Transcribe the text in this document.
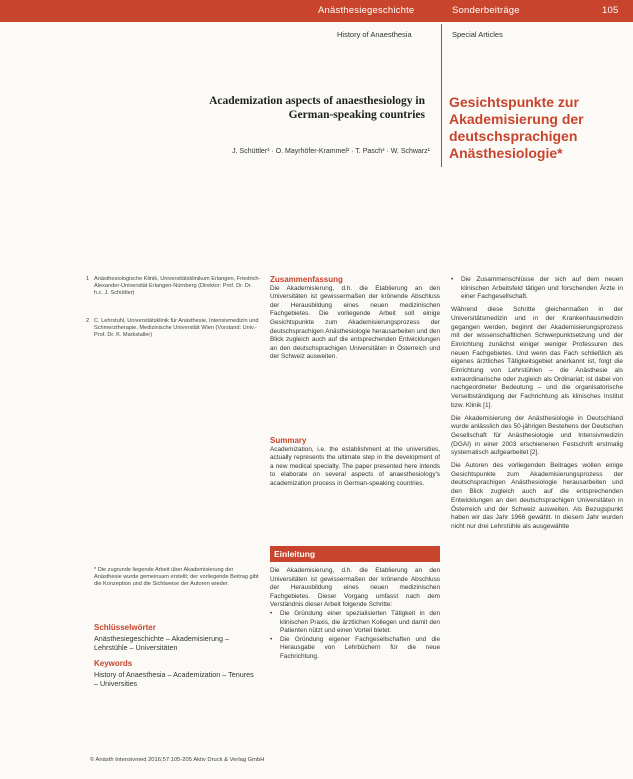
Anästhesiegeschichte	Sonderbeiträge	105
History of Anaesthesia	Special Articles
Academization aspects of anaesthesiology in German-speaking countries
J. Schüttler¹ · O. Mayrhöfer-Krammel² · T. Pasch³ · W. Schwarz¹
Gesichtspunkte zur Akademisierung der deutschsprachigen Anästhesiologie*
1 Anästhesiologische Klinik, Universitätsklinikum Erlangen, Friedrich-Alexander-Universität Erlangen-Nürnberg (Direktor: Prof. Dr. Dr. h.c. J. Schüttler)
2 C. Lehrstuhl, Universitätsklinik für Anästhesie, Intensivmedizin und Schmerztherapie, Medizinische Universität Wien (Vorstand: Univ.-Prof. Dr. K. Markstaller)
* Die zugrunde liegende Arbeit über Akademisierung der Anästhesie wurde gemeinsam erstellt; der vorliegende Beitrag gibt die Konzeption und die Sichtweise der Autoren wieder.
Schlüsselwörter
Anästhesiegeschichte – Akademisierung – Lehrstühle – Universitäten
Keywords
History of Anaesthesia – Academization – Tenures – Universities
Zusammenfassung

Die Akademisierung, d.h. die Etablierung an den Universitäten ist gewissermaßen der krönende Abschluss der Herausbildung eines neuen medizinischen Fachgebietes. Die vorliegende Arbeit soll einige Gesichtspunkte zum Akademisierungsprozess der deutschsprachigen Anästhesiologie herausarbeiten und den Blick zugleich auch auf die entsprechenden Entwicklungen an den deutschsprachigen Universitäten in Österreich und der Schweiz ausweiten.

Summary

Academization, i.e. the establishment at the universities, actually represents the ultimate step in the development of a new medical specialty. The paper presented here intends to elaborate on several aspects of anaesthesiology's academization process in German-speaking countries.

Einleitung

Die Akademisierung, d.h. die Etablierung an den Universitäten ist gewissermaßen der krönende Abschluss der Herausbildung eines neuen medizinischen Fachgebietes. Dieser Vorgang umfasst nach dem Verständnis dieser Arbeit folgende Schritte:

• Die Gründung einer spezialisierten Tätigkeit in den klinischen Praxis, die ärztlichen Kollegen und damit den Patienten nützt und einen Vorteil bietet.

• Die Gründung eigener Fachgesellschaften und die Herausgabe von Lehrbüchern für die neue Fachrichtung.

• Die Zusammenschlüsse der sich auf dem neuen klinischen Arbeitsfeld tätigen und forschenden Ärzte in einer Fachgesellschaft.

Während diese Schritte gleichermaßen in der Universitätsmedizin und in der Krankenhausmedizin gegangen werden, beginnt der Akademisierungsprozess mit der wissenschaftlichen Schwerpunktsetzung und der Einrichtung zunächst einiger weniger Professuren des neuen Fachgebietes. Und wenn das Fach schließlich als eigenes ärztliches Tätigkeitsgebiet anerkannt ist, folgt die Einrichtung von Lehrstühlen – die Anästhesie als extraordinarische oder zugleich als Ordinariat; ist dabei von nachgeordneter Bedeutung – und die organisatorische Verselbständigung der Fachrichtung als klinisches Institut bzw. Klinik [1].

Die Akademisierung der Anästhesiologie in Deutschland wurde anlässlich des 50-jährigen Bestehens der Deutschen Gesellschaft für Anästhesiologie und Intensivmedizin (DGAI) in einer 2003 erschienenen Festschrift erstmalig systematisch aufgearbeitet [2].

Die Autoren des vorliegenden Beitrages wollen einige Gesichtspunkte zum Akademisierungsprozess der deutschsprachigen Anästhesiologie herausarbeiten und den Blick zugleich auch auf die entsprechenden Entwicklungen an den deutschsprachigen Universitäten in Österreich und der Schweiz ausweiten. Als Bezugspunkt haben wir das Jahr 1966 gewählt. In diesem Jahr wurden nicht nur drei Lehrstühle als ausgewählte

© Anästh Intensivmed 2016;57:105-205 Aktiv Druck & Verlag GmbH
